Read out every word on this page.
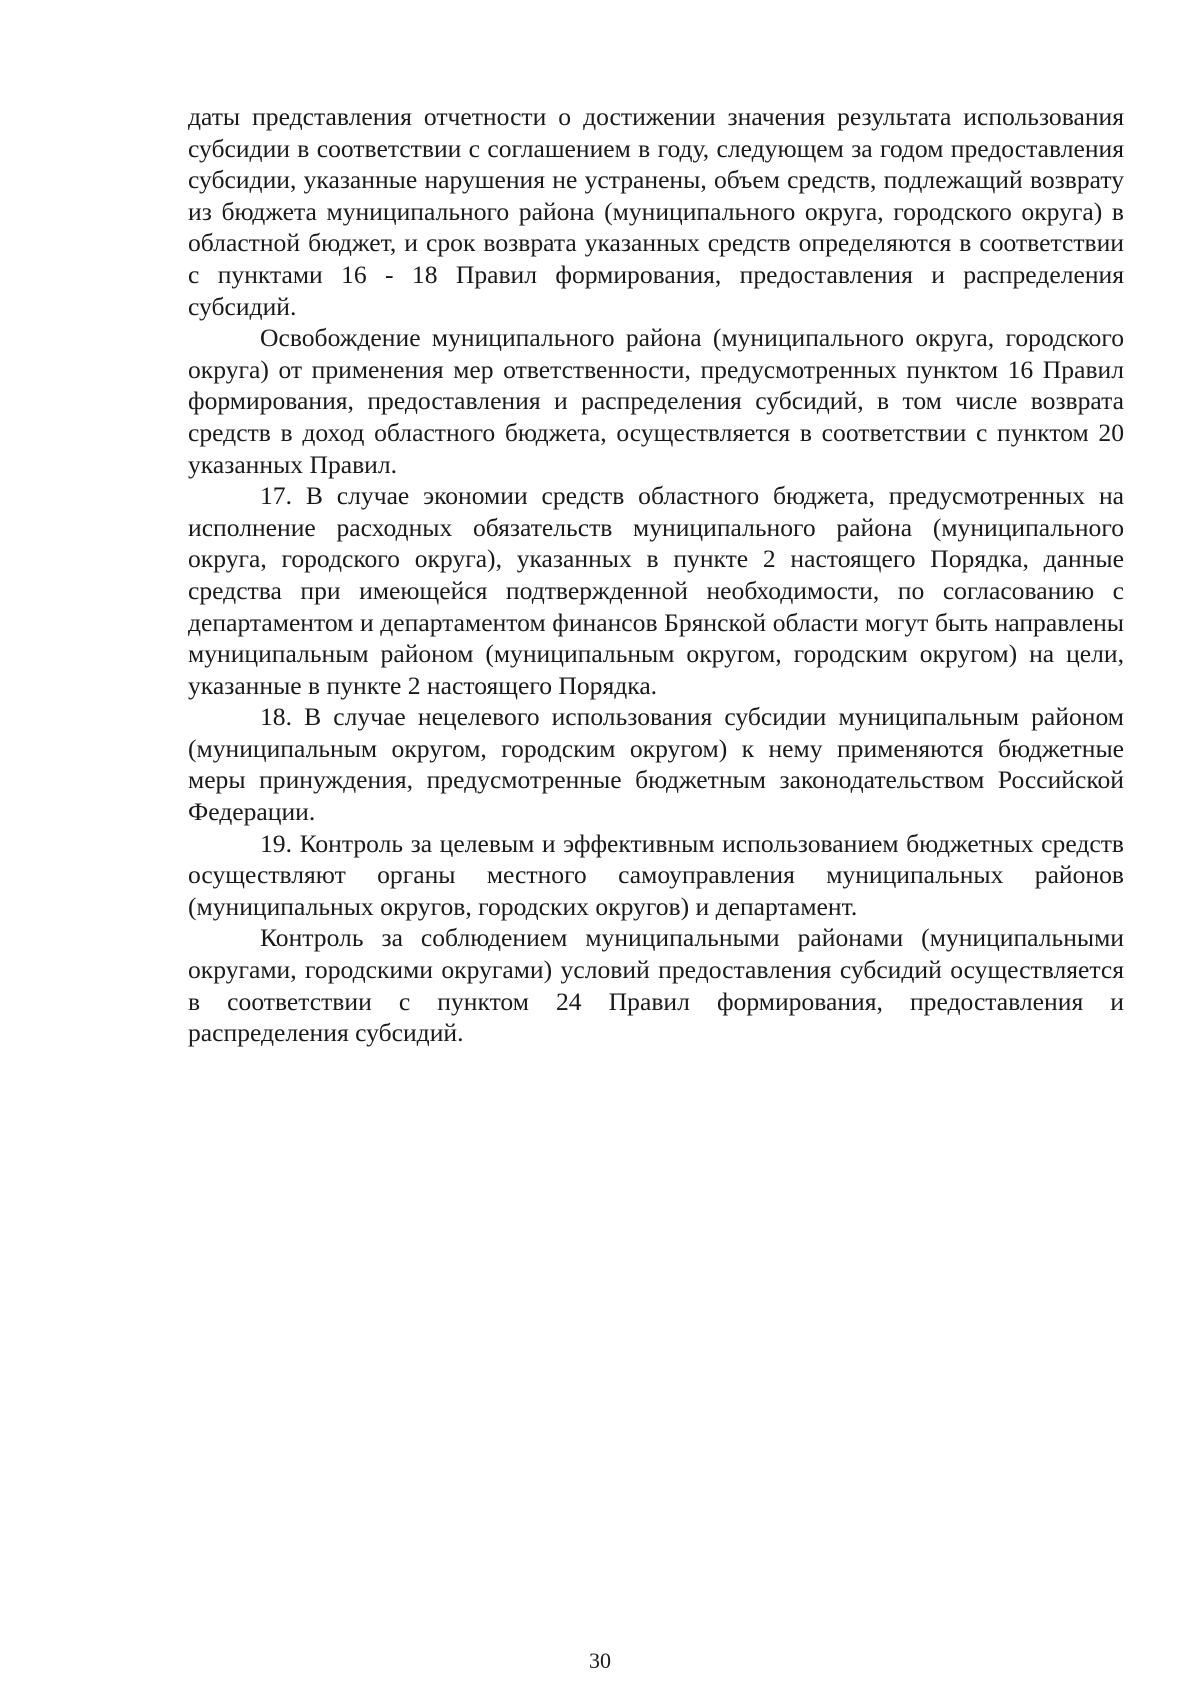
даты представления отчетности о достижении значения результата использования субсидии в соответствии с соглашением в году, следующем за годом предоставления субсидии, указанные нарушения не устранены, объем средств, подлежащий возврату из бюджета муниципального района (муниципального округа, городского округа) в областной бюджет, и срок возврата указанных средств определяются в соответствии с пунктами 16 - 18 Правил формирования, предоставления и распределения субсидий.

Освобождение муниципального района (муниципального округа, городского округа) от применения мер ответственности, предусмотренных пунктом 16 Правил формирования, предоставления и распределения субсидий, в том числе возврата средств в доход областного бюджета, осуществляется в соответствии с пунктом 20 указанных Правил.

17. В случае экономии средств областного бюджета, предусмотренных на исполнение расходных обязательств муниципального района (муниципального округа, городского округа), указанных в пункте 2 настоящего Порядка, данные средства при имеющейся подтвержденной необходимости, по согласованию с департаментом и департаментом финансов Брянской области могут быть направлены муниципальным районом (муниципальным округом, городским округом) на цели, указанные в пункте 2 настоящего Порядка.

18. В случае нецелевого использования субсидии муниципальным районом (муниципальным округом, городским округом) к нему применяются бюджетные меры принуждения, предусмотренные бюджетным законодательством Российской Федерации.

19. Контроль за целевым и эффективным использованием бюджетных средств осуществляют органы местного самоуправления муниципальных районов (муниципальных округов, городских округов) и департамент.

Контроль за соблюдением муниципальными районами (муниципальными округами, городскими округами) условий предоставления субсидий осуществляется в соответствии с пунктом 24 Правил формирования, предоставления и распределения субсидий.

30
